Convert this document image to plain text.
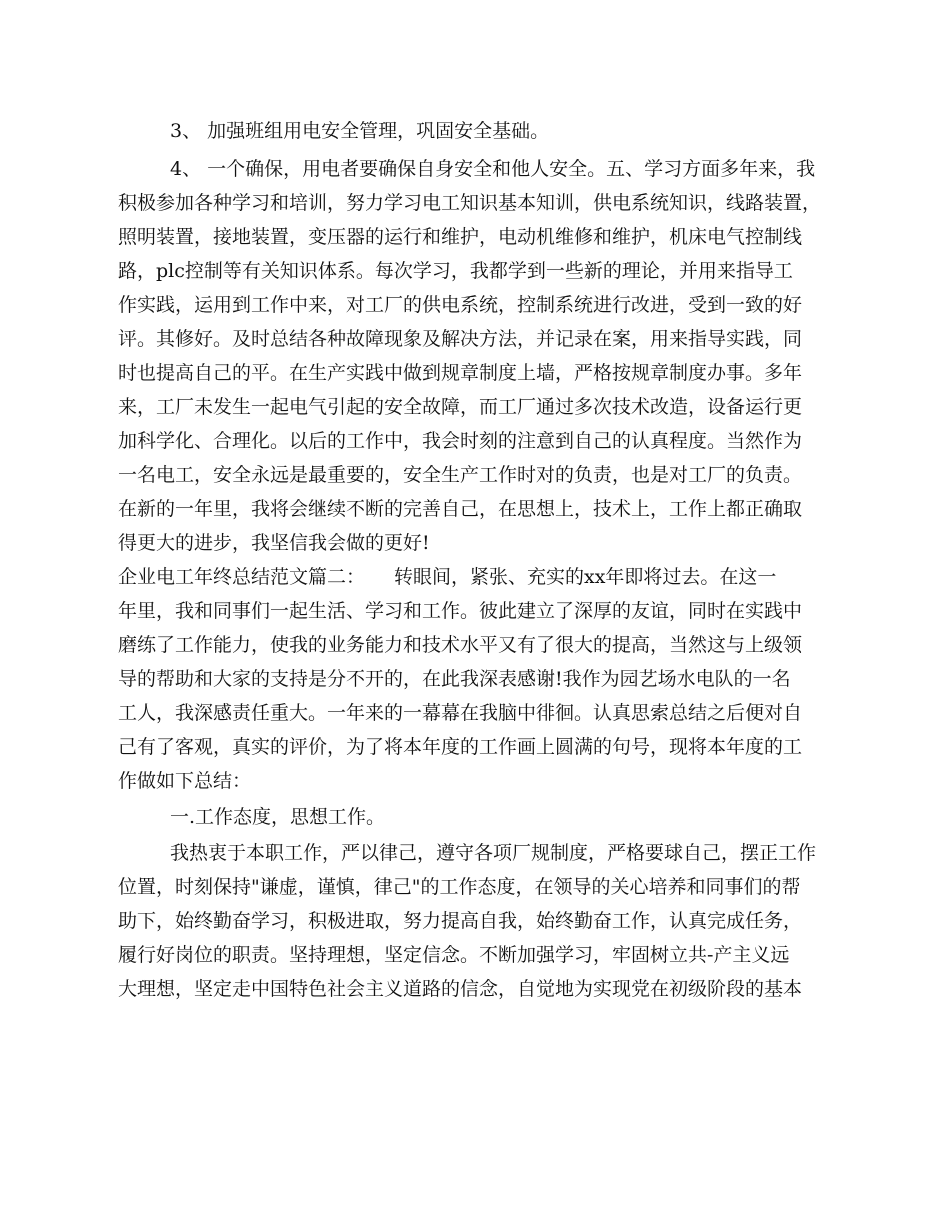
3、 加强班组用电安全管理，巩固安全基础。
4、 一个确保，用电者要确保自身安全和他人安全。五、学习方面多年来，我
积极参加各种学习和培训，努力学习电工知识基本知训，供电系统知识，线路装置，
照明装置，接地装置，变压器的运行和维护，电动机维修和维护，机床电气控制线
路，plc控制等有关知识体系。每次学习，我都学到一些新的理论，并用来指导工
作实践，运用到工作中来，对工厂的供电系统，控制系统进行改进，受到一致的好
评。其修好。及时总结各种故障现象及解决方法，并记录在案，用来指导实践，同
时也提高自己的平。在生产实践中做到规章制度上墙，严格按规章制度办事。多年
来，工厂未发生一起电气引起的安全故障，而工厂通过多次技术改造，设备运行更
加科学化、合理化。以后的工作中，我会时刻的注意到自己的认真程度。当然作为
一名电工，安全永远是最重要的，安全生产工作时对的负责，也是对工厂的负责。
在新的一年里，我将会继续不断的完善自己，在思想上，技术上，工作上都正确取
得更大的进步，我坚信我会做的更好!
企业电工年终总结范文篇二： 转眼间，紧张、充实的xx年即将过去。在这一
年里，我和同事们一起生活、学习和工作。彼此建立了深厚的友谊，同时在实践中
磨练了工作能力，使我的业务能力和技术水平又有了很大的提高，当然这与上级领
导的帮助和大家的支持是分不开的，在此我深表感谢!我作为园艺场水电队的一名
工人，我深感责任重大。一年来的一幕幕在我脑中徘徊。认真思索总结之后便对自
己有了客观，真实的评价，为了将本年度的工作画上圆满的句号，现将本年度的工
作做如下总结：
一.工作态度，思想工作。
我热衷于本职工作，严以律己，遵守各项厂规制度，严格要球自己，摆正工作
位置，时刻保持"谦虚，谨慎，律己"的工作态度，在领导的关心培养和同事们的帮
助下，始终勤奋学习，积极进取，努力提高自我，始终勤奋工作，认真完成任务，
履行好岗位的职责。坚持理想，坚定信念。不断加强学习，牢固树立共-产主义远
大理想，坚定走中国特色社会主义道路的信念，自觉地为实现党在初级阶段的基本
